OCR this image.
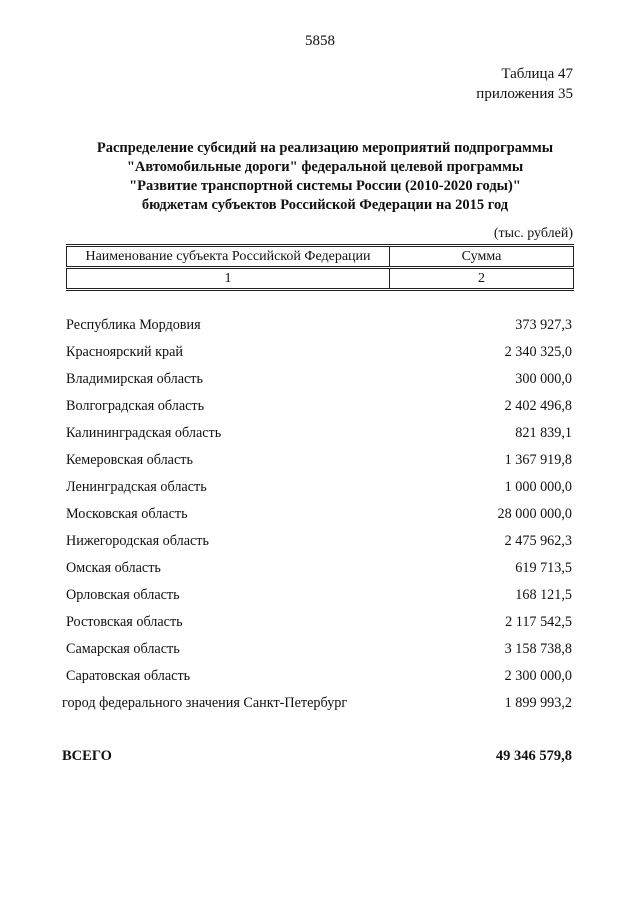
5858
Таблица 47
приложения 35
Распределение субсидий на реализацию мероприятий подпрограммы
"Автомобильные дороги" федеральной целевой программы
"Развитие транспортной системы России (2010-2020 годы)"
бюджетам субъектов Российской Федерации на 2015 год
(тыс. рублей)
Наименование субъекта Российской Федерации	Сумма
1	2
Республика Мордовия	373 927,3
Красноярский край	2 340 325,0
Владимирская область	300 000,0
Волгоградская область	2 402 496,8
Калининградская область	821 839,1
Кемеровская область	1 367 919,8
Ленинградская область	1 000 000,0
Московская область	28 000 000,0
Нижегородская область	2 475 962,3
Омская область	619 713,5
Орловская область	168 121,5
Ростовская область	2 117 542,5
Самарская область	3 158 738,8
Саратовская область	2 300 000,0
город федерального значения Санкт-Петербург	1 899 993,2
ВСЕГО	49 346 579,8
